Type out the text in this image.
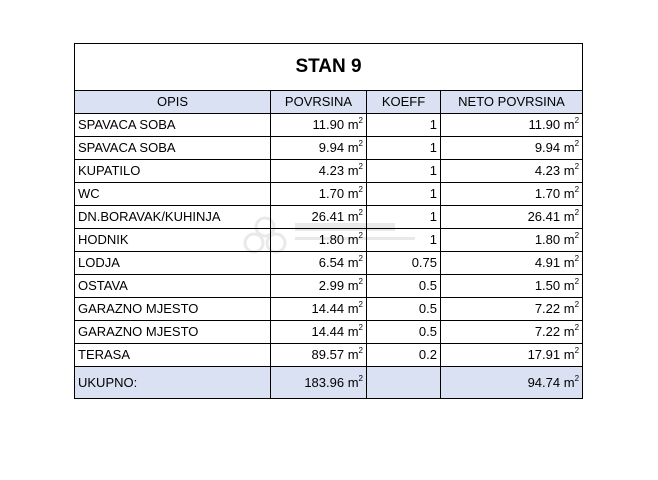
STAN 9			
OPIS	POVRSINA	KOEFF	NETO POVRSINA
SPAVACA SOBA	11.90 $m^2$	1	11.90 $m^2$
SPAVACA SOBA	9.94 $m^2$	1	9.94 $m^2$
KUPATILO	4.23 $m^2$	1	4.23 $m^2$
WC	1.70 $m^2$	1	1.70 $m^2$
DN.BORAVAK/KUHINJA	26.41 $m^2$	1	26.41 $m^2$
HODNIK	1.80 $m^2$	1	1.80 $m^2$
LODJA	6.54 $m^2$	0.75	4.91 $m^2$
OSTAVA	2.99 $m^2$	0.5	1.50 $m^2$
GARAZNO MJESTO	14.44 $m^2$	0.5	7.22 $m^2$
GARAZNO MJESTO	14.44 $m^2$	0.5	7.22 $m^2$
TERASA	89.57 $m^2$	0.2	17.91 $m^2$
UKUPNO:	183.96 $m^2$		94.74 $m^2$
